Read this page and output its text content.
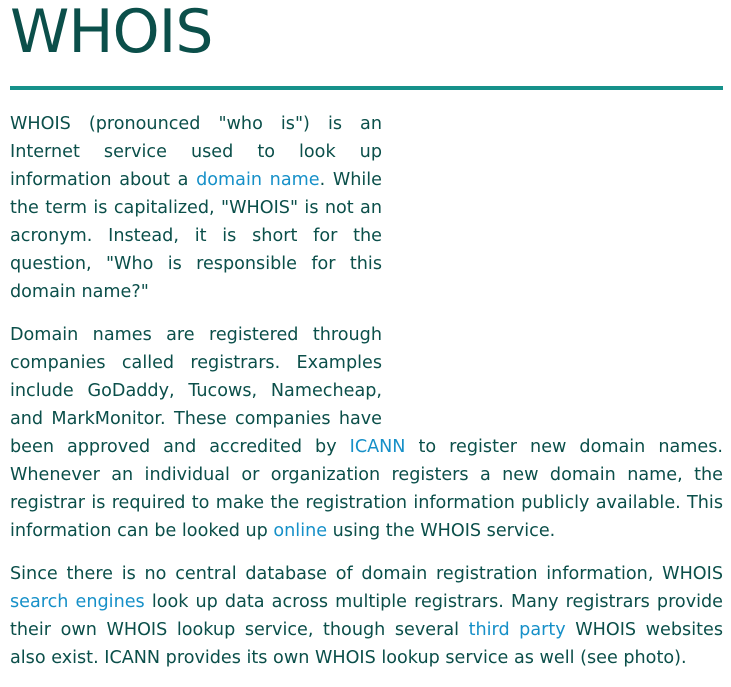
WHOIS

WHOIS (pronounced "who is") is an Internet service used to look up information about a domain name. While the term is capitalized, "WHOIS" is not an acronym. Instead, it is short for the question, "Who is responsible for this domain name?"

Domain names are registered through companies called registrars. Examples include GoDaddy, Tucows, Namecheap, and MarkMonitor. These companies have been approved and accredited by ICANN to register new domain names. Whenever an individual or organization registers a new domain name, the registrar is required to make the registration information publicly available. This information can be looked up online using the WHOIS service.

Since there is no central database of domain registration information, WHOIS search engines look up data across multiple registrars. Many registrars provide their own WHOIS lookup service, though several third party WHOIS websites also exist. ICANN provides its own WHOIS lookup service as well (see photo).
